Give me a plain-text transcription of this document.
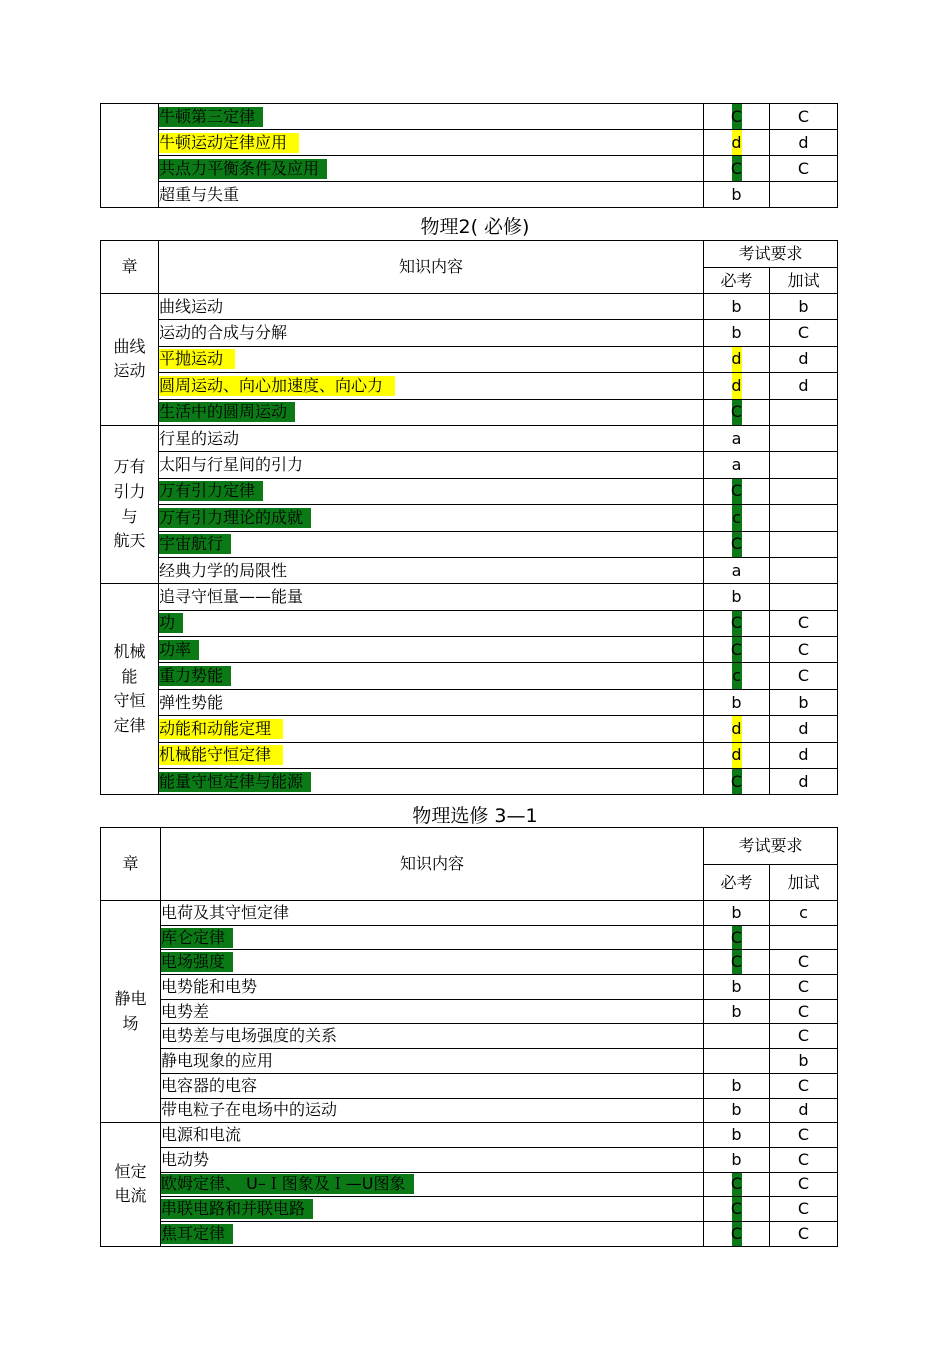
	牛顿第三定律	C	C
	牛顿运动定律应用	d	d
	共点力平衡条件及应用	C	C
	超重与失重	b	
物理2( 必修)
章	知识内容	考试要求	
		必考	加试
曲线
运动	曲线运动	b	b
	运动的合成与分解	b	C
	平抛运动	d	d
	圆周运动、向心加速度、向心力	d	d
	生活中的圆周运动	C	
万有
引力
与
航天	行星的运动	a	
	太阳与行星间的引力	a	
	万有引力定律	C	
	万有引力理论的成就	c	
	宇宙航行	C	
	经典力学的局限性	a	
机械
能
守恒
定律	追寻守恒量——能量	b	
	功	C	C
	功率	C	C
	重力势能	c	C
	弹性势能	b	b
	动能和动能定理	d	d
	机械能守恒定律	d	d
	能量守恒定律与能源	C	d
物理选修 3—1
章	知识内容	考试要求	
		必考	加试
静电
场	电荷及其守恒定律	b	c
	库仑定律	C	
	电场强度	C	C
	电势能和电势	b	C
	电势差	b	C
	电势差与电场强度的关系		C
	静电现象的应用		b
	电容器的电容	b	C
	带电粒子在电场中的运动	b	d
恒定
电流	电源和电流	b	C
	电动势	b	C
	欧姆定律、 U–Ｉ图象及Ｉ—U图象	C	C
	串联电路和并联电路	C	C
	焦耳定律	C	C
